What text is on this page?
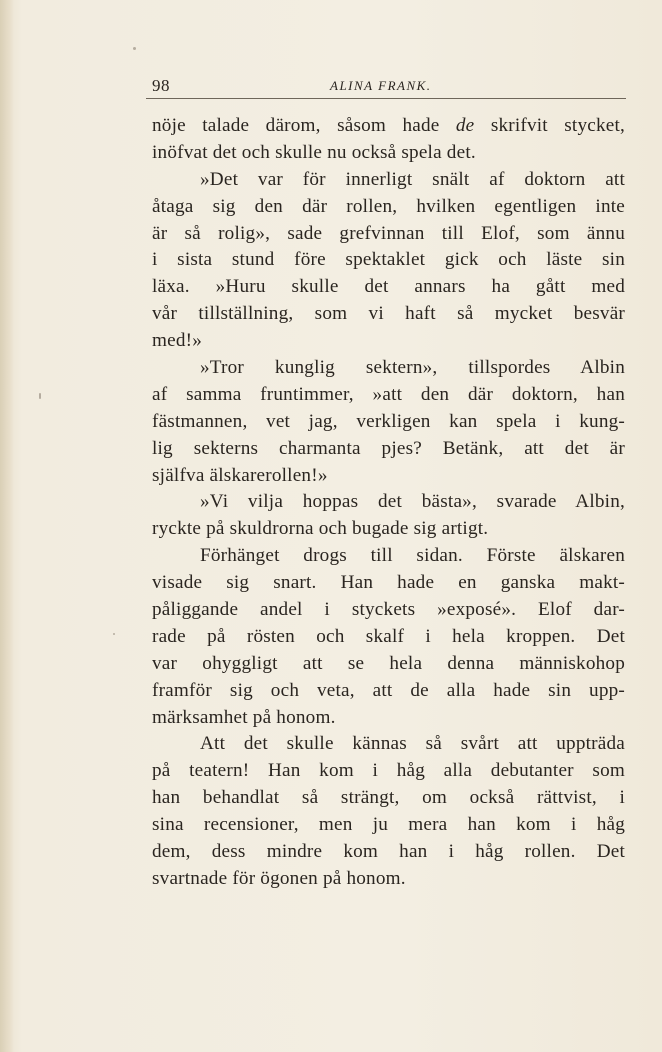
98	ALINA FRANK.
nöje talade därom, såsom hade de skrifvit stycket,
inöfvat det och skulle nu också spela det.
»Det var för innerligt snält af doktorn att
åtaga sig den där rollen, hvilken egentligen inte
är så rolig», sade grefvinnan till Elof, som ännu
i sista stund före spektaklet gick och läste sin
läxa. »Huru skulle det annars ha gått med
vår tillställning, som vi haft så mycket besvär
med!»
»Tror kunglig sektern», tillspordes Albin
af samma fruntimmer, »att den där doktorn, han
fästmannen, vet jag, verkligen kan spela i kung-
lig sekterns charmanta pjes? Betänk, att det är
själfva älskarerollen!»
»Vi vilja hoppas det bästa», svarade Albin,
ryckte på skuldrorna och bugade sig artigt.
Förhänget drogs till sidan. Förste älskaren
visade sig snart. Han hade en ganska makt-
påliggande andel i styckets »exposé». Elof dar-
rade på rösten och skalf i hela kroppen. Det
var ohyggligt att se hela denna människohop
framför sig och veta, att de alla hade sin upp-
märksamhet på honom.
Att det skulle kännas så svårt att uppträda
på teatern! Han kom i håg alla debutanter som
han behandlat så strängt, om också rättvist, i
sina recensioner, men ju mera han kom i håg
dem, dess mindre kom han i håg rollen. Det
svartnade för ögonen på honom.
